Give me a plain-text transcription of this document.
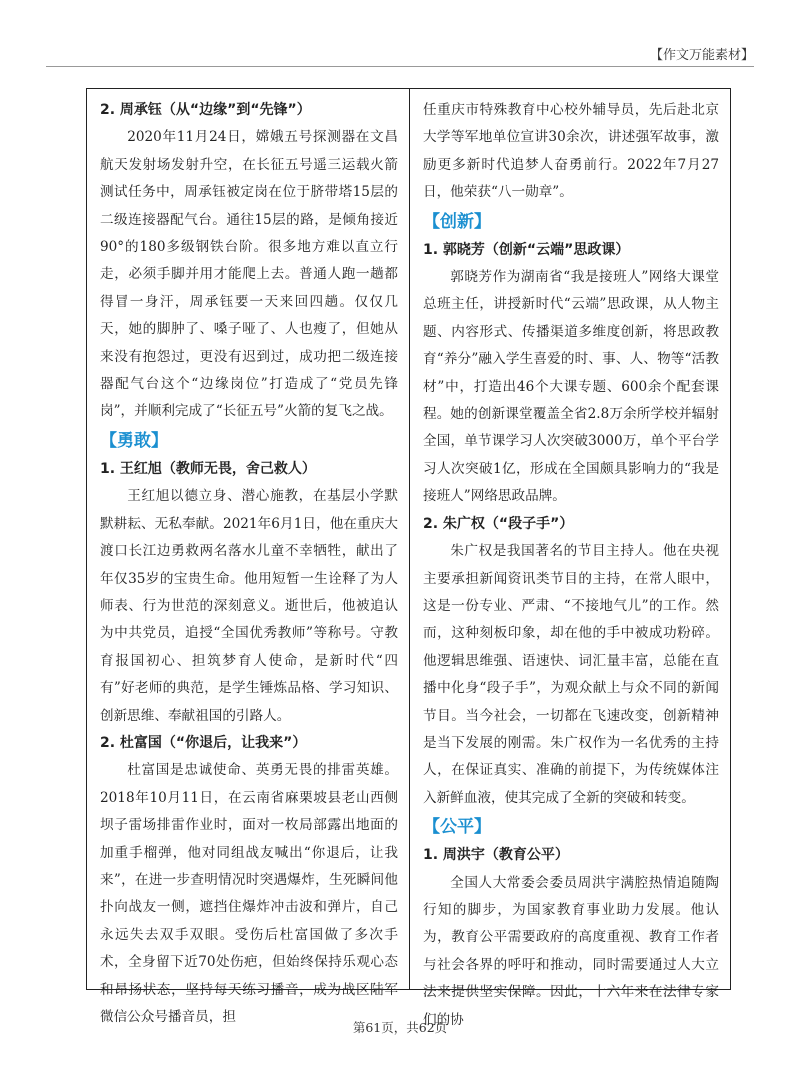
【作文万能素材】
2. 周承钰（从“边缘”到“先锋”）

2020年11月24日，嫦娥五号探测器在文昌航天发射场发射升空，在长征五号遥三运载火箭测试任务中，周承钰被定岗在位于脐带塔15层的二级连接器配气台。通往15层的路，是倾角接近90°的180多级钢铁台阶。很多地方难以直立行走，必须手脚并用才能爬上去。普通人跑一趟都得冒一身汗，周承钰要一天来回四趟。仅仅几天，她的脚肿了、嗓子哑了、人也瘦了，但她从来没有抱怨过，更没有迟到过，成功把二级连接器配气台这个“边缘岗位”打造成了“党员先锋岗”，并顺利完成了“长征五号”火箭的复飞之战。

【勇敢】
1. 王红旭（教师无畏，舍己救人）

王红旭以德立身、潜心施教，在基层小学默默耕耘、无私奉献。2021年6月1日，他在重庆大渡口长江边勇救两名落水儿童不幸牺牲，献出了年仅35岁的宝贵生命。他用短暂一生诠释了为人师表、行为世范的深刻意义。逝世后，他被追认为中共党员，追授“全国优秀教师”等称号。守教育报国初心、担筑梦育人使命，是新时代“四有”好老师的典范，是学生锤炼品格、学习知识、创新思维、奉献祖国的引路人。

2. 杜富国（“你退后，让我来”）

杜富国是忠诚使命、英勇无畏的排雷英雄。2018年10月11日，在云南省麻栗坡县老山西侧坝子雷场排雷作业时，面对一枚局部露出地面的加重手榴弹，他对同组战友喊出“你退后，让我来”，在进一步查明情况时突遇爆炸，生死瞬间他扑向战友一侧，遮挡住爆炸冲击波和弹片，自己永远失去双手双眼。受伤后杜富国做了多次手术，全身留下近70处伤疤，但始终保持乐观心态和昂扬状态，坚持每天练习播音，成为战区陆军微信公众号播音员，担

任重庆市特殊教育中心校外辅导员，先后赴北京大学等军地单位宣讲30余次，讲述强军故事，激励更多新时代追梦人奋勇前行。2022年7月27日，他荣获“八一勋章”。

【创新】
1. 郭晓芳（创新“云端”思政课）

郭晓芳作为湖南省“我是接班人”网络大课堂总班主任，讲授新时代“云端”思政课，从人物主题、内容形式、传播渠道多维度创新，将思政教育“养分”融入学生喜爱的时、事、人、物等“活教材”中，打造出46个大课专题、600余个配套课程。她的创新课堂覆盖全省2.8万余所学校并辐射全国，单节课学习人次突破3000万，单个平台学习人次突破1亿，形成在全国颇具影响力的“我是接班人”网络思政品牌。

2. 朱广权（“段子手”）

朱广权是我国著名的节目主持人。他在央视主要承担新闻资讯类节目的主持，在常人眼中，这是一份专业、严肃、“不接地气儿”的工作。然而，这种刻板印象，却在他的手中被成功粉碎。他逻辑思维强、语速快、词汇量丰富，总能在直播中化身“段子手”，为观众献上与众不同的新闻节目。当今社会，一切都在飞速改变，创新精神是当下发展的刚需。朱广权作为一名优秀的主持人，在保证真实、准确的前提下，为传统媒体注入新鲜血液，使其完成了全新的突破和转变。

【公平】
1. 周洪宇（教育公平）

全国人大常委会委员周洪宇满腔热情追随陶行知的脚步，为国家教育事业助力发展。他认为，教育公平需要政府的高度重视、教育工作者与社会各界的呼吁和推动，同时需要通过人大立法来提供坚实保障。因此，十六年来在法律专家们的协

第61页，共62页
